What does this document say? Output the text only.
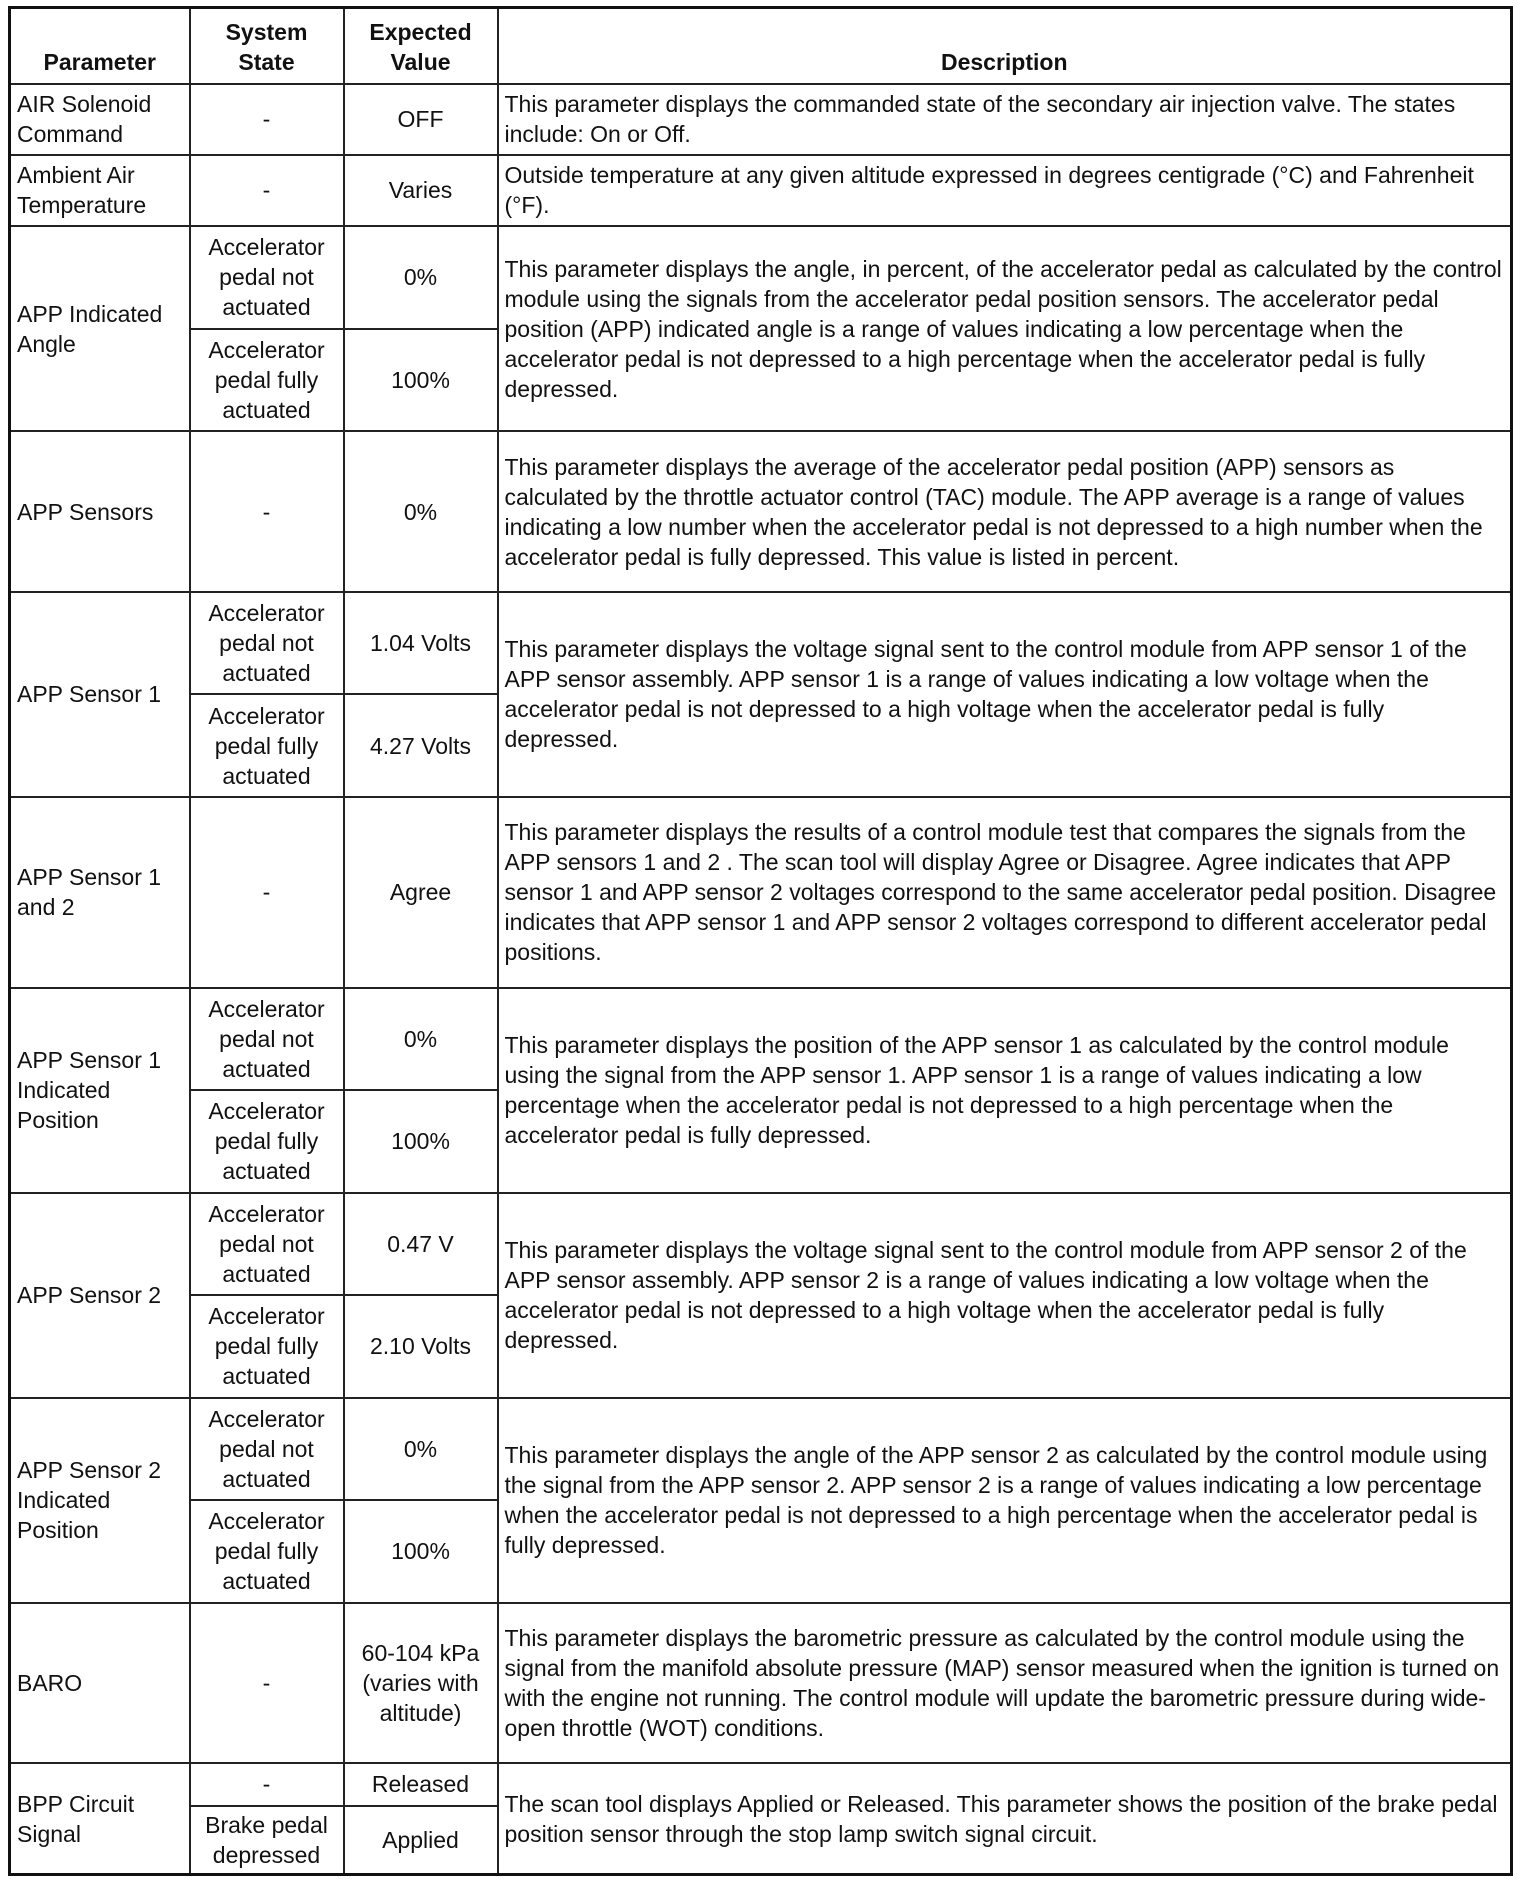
Parameter	System State	Expected Value	Description
AIR Solenoid Command	-	OFF	This parameter displays the commanded state of the secondary air injection valve. The states include: On or Off.
Ambient Air Temperature	-	Varies	Outside temperature at any given altitude expressed in degrees centigrade (°C) and Fahrenheit (°F).
APP Indicated Angle	Accelerator pedal not actuated	0%	This parameter displays the angle, in percent, of the accelerator pedal as calculated by the control module using the signals from the accelerator pedal position sensors. The accelerator pedal position (APP) indicated angle is a range of values indicating a low percentage when the accelerator pedal is not depressed to a high percentage when the accelerator pedal is fully depressed.
	Accelerator pedal fully actuated	100%	
APP Sensors	-	0%	This parameter displays the average of the accelerator pedal position (APP) sensors as calculated by the throttle actuator control (TAC) module. The APP average is a range of values indicating a low number when the accelerator pedal is not depressed to a high number when the accelerator pedal is fully depressed. This value is listed in percent.
APP Sensor 1	Accelerator pedal not actuated	1.04 Volts	This parameter displays the voltage signal sent to the control module from APP sensor 1 of the APP sensor assembly. APP sensor 1 is a range of values indicating a low voltage when the accelerator pedal is not depressed to a high voltage when the accelerator pedal is fully depressed.
	Accelerator pedal fully actuated	4.27 Volts	
APP Sensor 1 and 2	-	Agree	This parameter displays the results of a control module test that compares the signals from the APP sensors 1 and 2 . The scan tool will display Agree or Disagree. Agree indicates that APP sensor 1 and APP sensor 2 voltages correspond to the same accelerator pedal position. Disagree indicates that APP sensor 1 and APP sensor 2 voltages correspond to different accelerator pedal positions.
APP Sensor 1 Indicated Position	Accelerator pedal not actuated	0%	This parameter displays the position of the APP sensor 1 as calculated by the control module using the signal from the APP sensor 1. APP sensor 1 is a range of values indicating a low percentage when the accelerator pedal is not depressed to a high percentage when the accelerator pedal is fully depressed.
	Accelerator pedal fully actuated	100%	
APP Sensor 2	Accelerator pedal not actuated	0.47 V	This parameter displays the voltage signal sent to the control module from APP sensor 2 of the APP sensor assembly. APP sensor 2 is a range of values indicating a low voltage when the accelerator pedal is not depressed to a high voltage when the accelerator pedal is fully depressed.
	Accelerator pedal fully actuated	2.10 Volts	
APP Sensor 2 Indicated Position	Accelerator pedal not actuated	0%	This parameter displays the angle of the APP sensor 2 as calculated by the control module using the signal from the APP sensor 2. APP sensor 2 is a range of values indicating a low percentage when the accelerator pedal is not depressed to a high percentage when the accelerator pedal is fully depressed.
	Accelerator pedal fully actuated	100%	
BARO	-	60-104 kPa (varies with altitude)	This parameter displays the barometric pressure as calculated by the control module using the signal from the manifold absolute pressure (MAP) sensor measured when the ignition is turned on with the engine not running. The control module will update the barometric pressure during wide-open throttle (WOT) conditions.
BPP Circuit Signal	-	Released	The scan tool displays Applied or Released. This parameter shows the position of the brake pedal position sensor through the stop lamp switch signal circuit.
	Brake pedal depressed	Applied	
